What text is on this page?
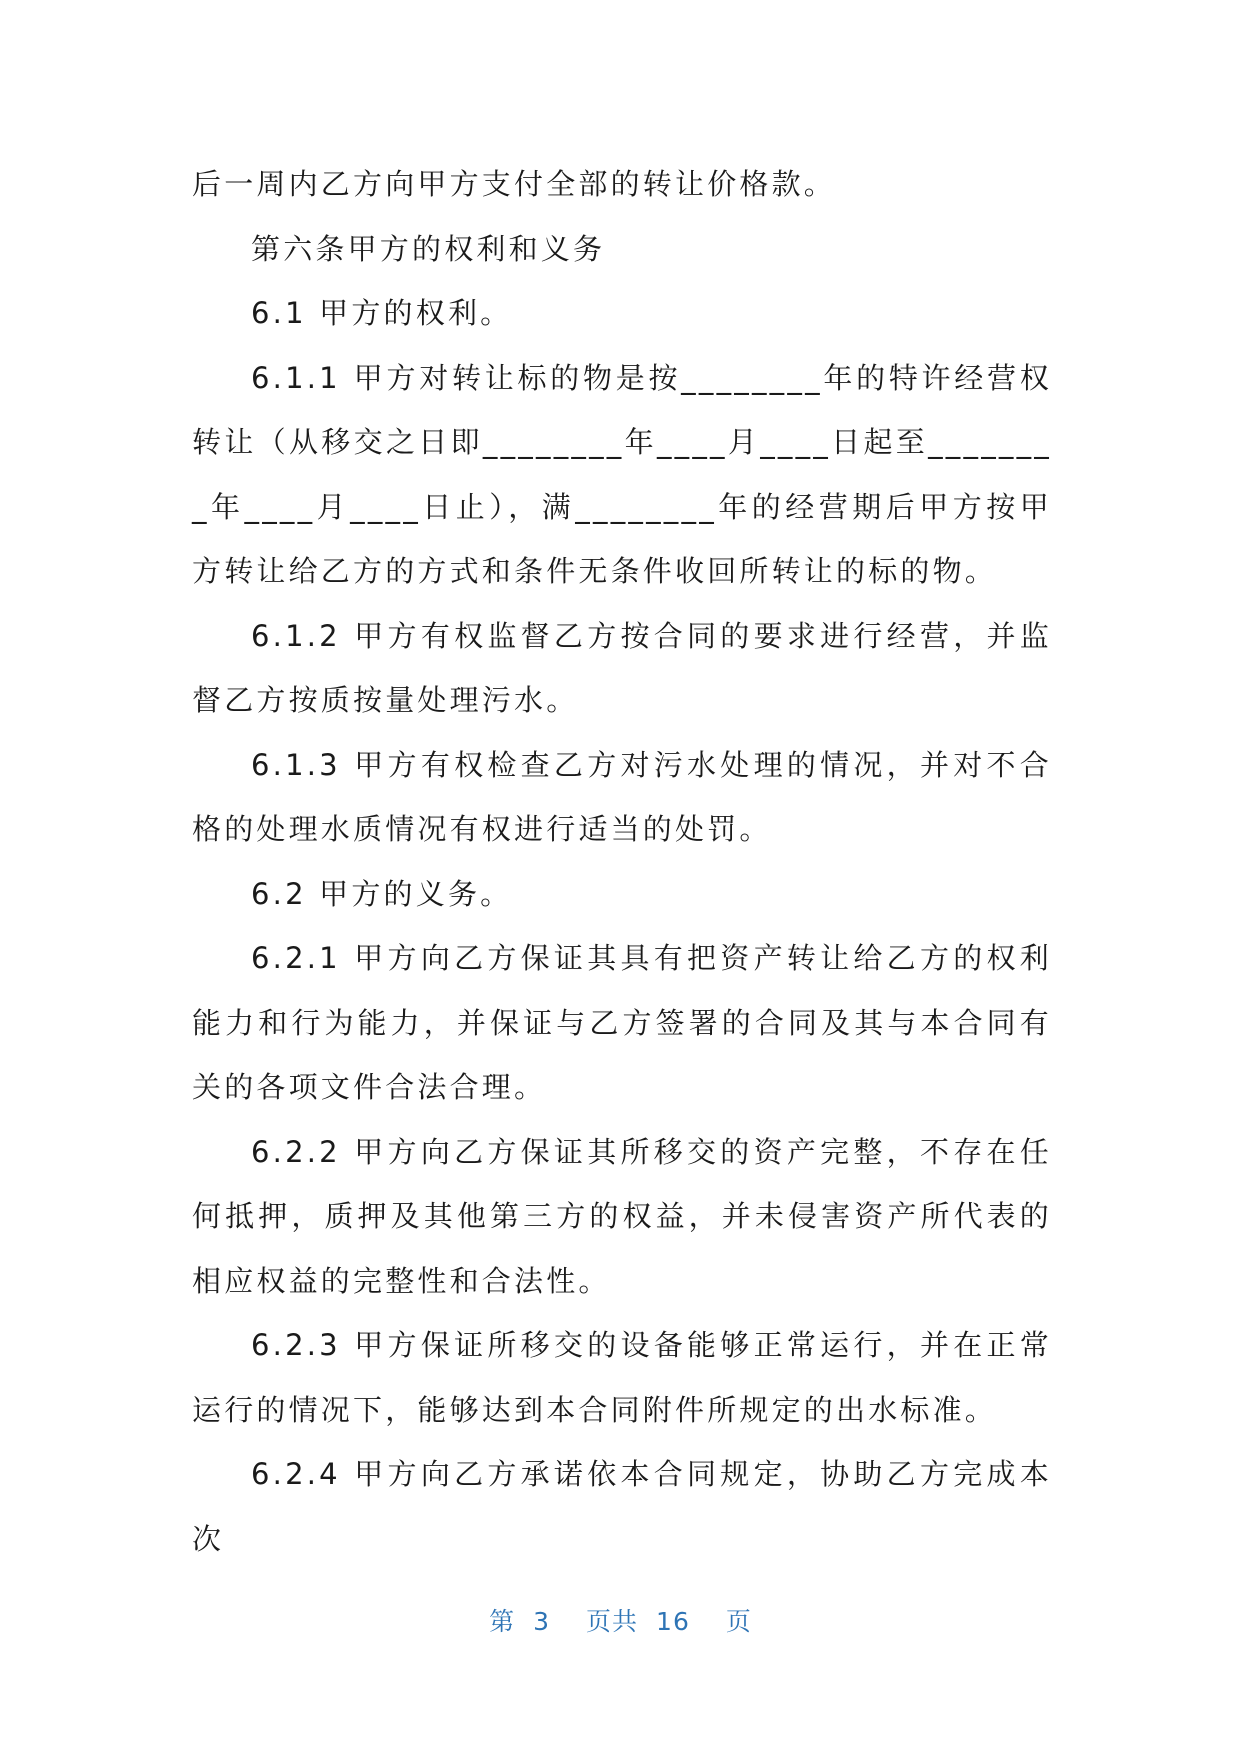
后一周内乙方向甲方支付全部的转让价格款。

第六条甲方的权利和义务

6.1 甲方的权利。

6.1.1 甲方对转让标的物是按________年的特许经营权转让（从移交之日即________年____月____日起至________年____月____日止），满________年的经营期后甲方按甲方转让给乙方的方式和条件无条件收回所转让的标的物。

6.1.2 甲方有权监督乙方按合同的要求进行经营，并监督乙方按质按量处理污水。

6.1.3 甲方有权检查乙方对污水处理的情况，并对不合格的处理水质情况有权进行适当的处罚。

6.2 甲方的义务。

6.2.1 甲方向乙方保证其具有把资产转让给乙方的权利能力和行为能力，并保证与乙方签署的合同及其与本合同有关的各项文件合法合理。

6.2.2 甲方向乙方保证其所移交的资产完整，不存在任何抵押，质押及其他第三方的权益，并未侵害资产所代表的相应权益的完整性和合法性。

6.2.3 甲方保证所移交的设备能够正常运行，并在正常运行的情况下，能够达到本合同附件所规定的出水标准。

6.2.4 甲方向乙方承诺依本合同规定，协助乙方完成本次

第 3 页共 16 页
